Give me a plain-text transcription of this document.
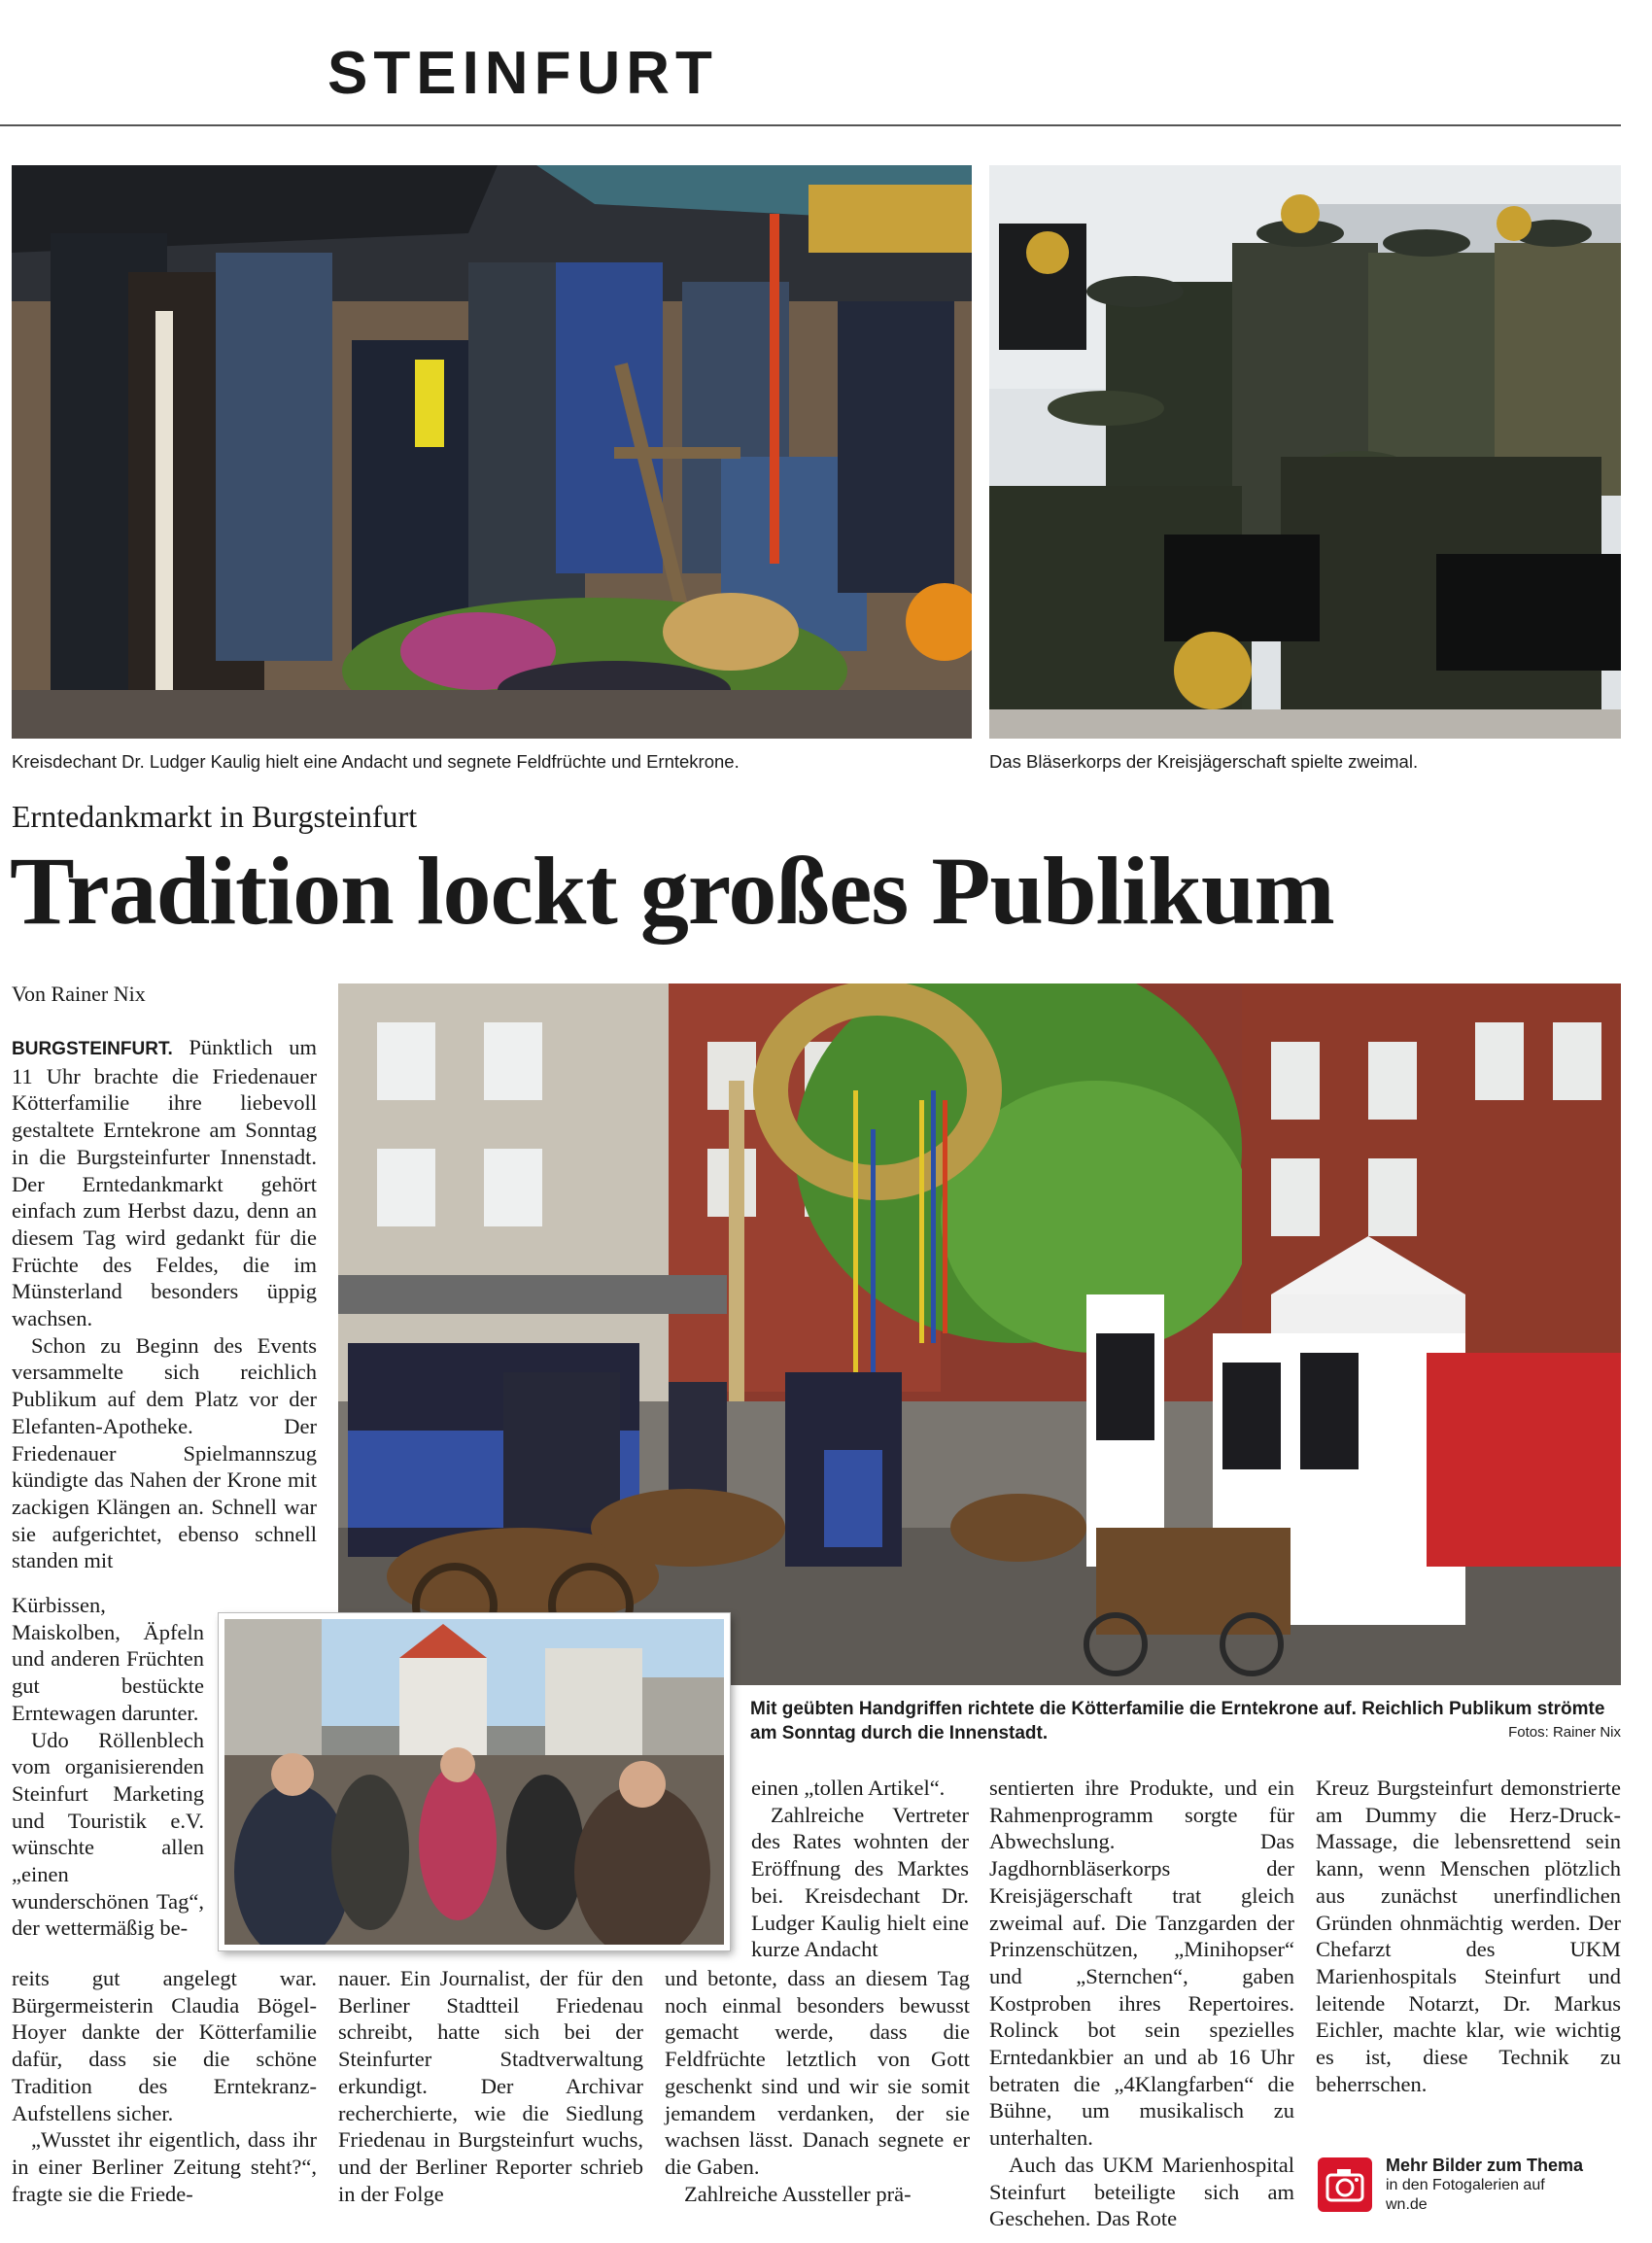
STEINFURT
Kreisdechant Dr. Ludger Kaulig hielt eine Andacht und segnete Feldfrüchte und Erntekrone.	Das Bläserkorps der Kreisjägerschaft spielte zweimal.
Erntedankmarkt in Burgsteinfurt
Tradition lockt großes Publikum
Von Rainer Nix
Mit geübten Handgriffen richtete die Kötterfamilie die Erntekrone auf. Reichlich Publikum strömte am Sonntag durch die Innenstadt.	Fotos: Rainer Nix

BURGSTEINFURT. Pünktlich um 11 Uhr brachte die Friedenauer Kötterfamilie ihre liebevoll gestaltete Erntekrone am Sonntag in die Burgsteinfurter Innenstadt. Der Erntedankmarkt gehört einfach zum Herbst dazu, denn an diesem Tag wird gedankt für die Früchte des Feldes, die im Münsterland besonders üppig wachsen.

Schon zu Beginn des Events versammelte sich reichlich Publikum auf dem Platz vor der Elefanten-Apotheke. Der Friedenauer Spielmannszug kündigte das Nahen der Krone mit zackigen Klängen an. Schnell war sie aufgerichtet, ebenso schnell standen mit

Kürbissen, Maiskolben, Äpfeln und anderen Früchten gut bestückte Erntewagen darunter.

Udo Röllenblech vom organisierenden Steinfurt Marketing und Touristik e.V. wünschte allen „einen wunderschönen Tag“, der wettermäßig be-

reits gut angelegt war. Bürgermeisterin Claudia Bögel-Hoyer dankte der Kötterfamilie dafür, dass sie die schöne Tradition des Erntekranz-Aufstellens sicher.

„Wusstet ihr eigentlich, dass ihr in einer Berliner Zeitung steht?“, fragte sie die Friede-

nauer. Ein Journalist, der für den Berliner Stadtteil Friedenau schreibt, hatte sich bei der Steinfurter Stadtverwaltung erkundigt. Der Archivar recherchierte, wie die Siedlung Friedenau in Burgsteinfurt wuchs, und der Berliner Reporter schrieb in der Folge

einen „tollen Artikel“.

Zahlreiche Vertreter des Rates wohnten der Eröffnung des Marktes bei. Kreisdechant Dr. Ludger Kaulig hielt eine kurze Andacht

und betonte, dass an diesem Tag noch einmal besonders bewusst gemacht werde, dass die Feldfrüchte letztlich von Gott geschenkt sind und wir sie somit jemandem verdanken, der sie wachsen lässt. Danach segnete er die Gaben.

Zahlreiche Aussteller prä-

sentierten ihre Produkte, und ein Rahmenprogramm sorgte für Abwechslung. Das Jagdhornbläserkorps der Kreisjägerschaft trat gleich zweimal auf. Die Tanzgarden der Prinzenschützen, „Minihopser“ und „Sternchen“, gaben Kostproben ihres Repertoires. Rolinck bot sein spezielles Erntedankbier an und ab 16 Uhr betraten die „4Klangfarben“ die Bühne, um musikalisch zu unterhalten.

Auch das UKM Marienhospital Steinfurt beteiligte sich am Geschehen. Das Rote

Kreuz Burgsteinfurt demonstrierte am Dummy die Herz-Druck-Massage, die lebensrettend sein kann, wenn Menschen plötzlich aus zunächst unerfindlichen Gründen ohnmächtig werden. Der Chefarzt des UKM Marienhospitals Steinfurt und leitende Notarzt, Dr. Markus Eichler, machte klar, wie wichtig es ist, diese Technik zu beherrschen.

Mehr Bilder zum Thema
in den Fotogalerien auf
wn.de
